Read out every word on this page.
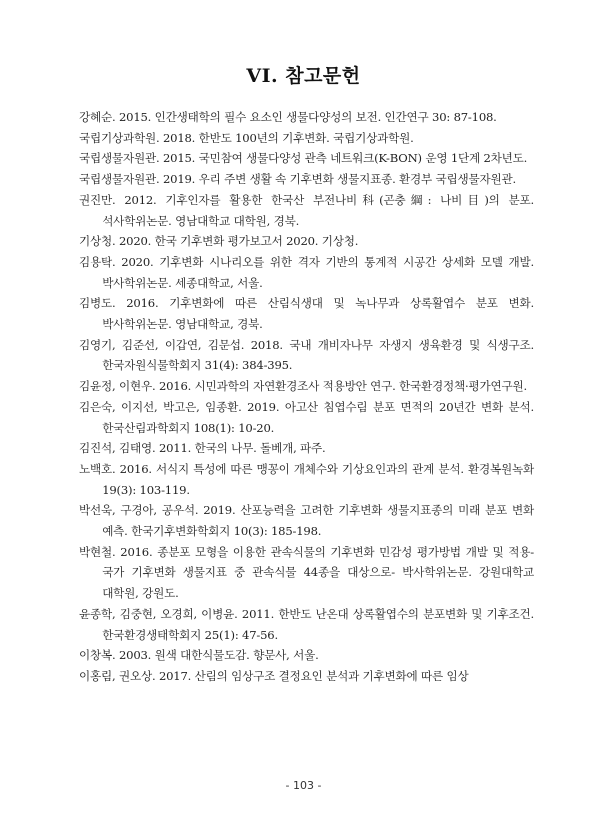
VI. 참고문헌
강혜순. 2015. 인간생태학의 필수 요소인 생물다양성의 보전. 인간연구 30: 87-108.
국립기상과학원. 2018. 한반도 100년의 기후변화. 국립기상과학원.
국립생물자원관. 2015. 국민참여 생물다양성 관측 네트워크(K-BON) 운영 1단계 2차년도.
국립생물자원관. 2019. 우리 주변 생활 속 기후변화 생물지표종. 환경부 국립생물자원관.
권진만. 2012. 기후인자를 활용한 한국산 부전나비科(곤충綱: 나비目)의 분포. 석사학위논문. 영남대학교 대학원, 경북.
기상청. 2020. 한국 기후변화 평가보고서 2020. 기상청.
김용탁. 2020. 기후변화 시나리오를 위한 격자 기반의 통계적 시공간 상세화 모델 개발. 박사학위논문. 세종대학교, 서울.
김병도. 2016. 기후변화에 따른 산림식생대 및 녹나무과 상록활엽수 분포 변화. 박사학위논문. 영남대학교, 경북.
김영기, 김준선, 이갑연, 김문섭. 2018. 국내 개비자나무 자생지 생육환경 및 식생구조. 한국자원식물학회지 31(4): 384-395.
김윤정, 이현우. 2016. 시민과학의 자연환경조사 적용방안 연구. 한국환경정책·평가연구원.
김은숙, 이지선, 박고은, 임종환. 2019. 아고산 침엽수림 분포 면적의 20년간 변화 분석. 한국산림과학회지 108(1): 10-20.
김진석, 김태영. 2011. 한국의 나무. 돌베개, 파주.
노백호. 2016. 서식지 특성에 따른 맹꽁이 개체수와 기상요인과의 관계 분석. 환경복원녹화 19(3): 103-119.
박선욱, 구경아, 공우석. 2019. 산포능력을 고려한 기후변화 생물지표종의 미래 분포 변화 예측. 한국기후변화학회지 10(3): 185-198.
박현철. 2016. 종분포 모형을 이용한 관속식물의 기후변화 민감성 평가방법 개발 및 적용-국가 기후변화 생물지표 중 관속식물 44종을 대상으로- 박사학위논문. 강원대학교 대학원, 강원도.
윤종학, 김중현, 오경희, 이병윤. 2011. 한반도 난온대 상록활엽수의 분포변화 및 기후조건. 한국환경생태학회지 25(1): 47-56.
이창복. 2003. 원색 대한식물도감. 향문사, 서울.
이홍림, 권오상. 2017. 산림의 임상구조 결정요인 분석과 기후변화에 따른 임상
- 103 -
